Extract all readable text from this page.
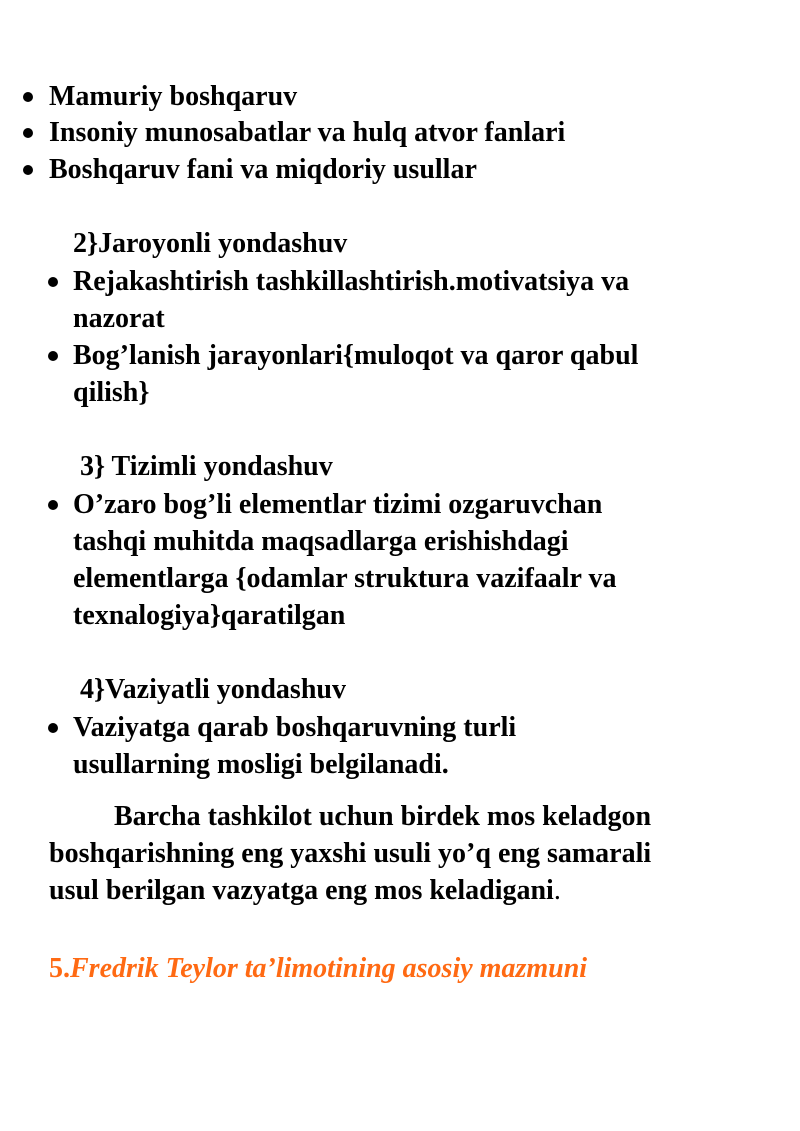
Mamuriy boshqaruv
Insoniy munosabatlar va hulq atvor fanlari
Boshqaruv fani va miqdoriy usullar
2}Jaroyonli yondashuv
Rejakashtirish tashkillashtirish.motivatsiya va
nazorat
Bog’lanish jarayonlari{muloqot va qaror qabul
qilish}
3} Tizimli yondashuv
O’zaro bog’li elementlar tizimi ozgaruvchan
tashqi muhitda maqsadlarga erishishdagi
elementlarga {odamlar struktura vazifaalr va
texnalogiya}qaratilgan
4}Vaziyatli yondashuv
Vaziyatga qarab boshqaruvning turli
usullarning mosligi belgilanadi.
Barcha tashkilot uchun birdek mos keladgon
boshqarishning eng yaxshi usuli yo’q eng samarali
usul berilgan vazyatga eng mos keladigani.
5.Fredrik Teylor ta’limotining asosiy mazmuni
